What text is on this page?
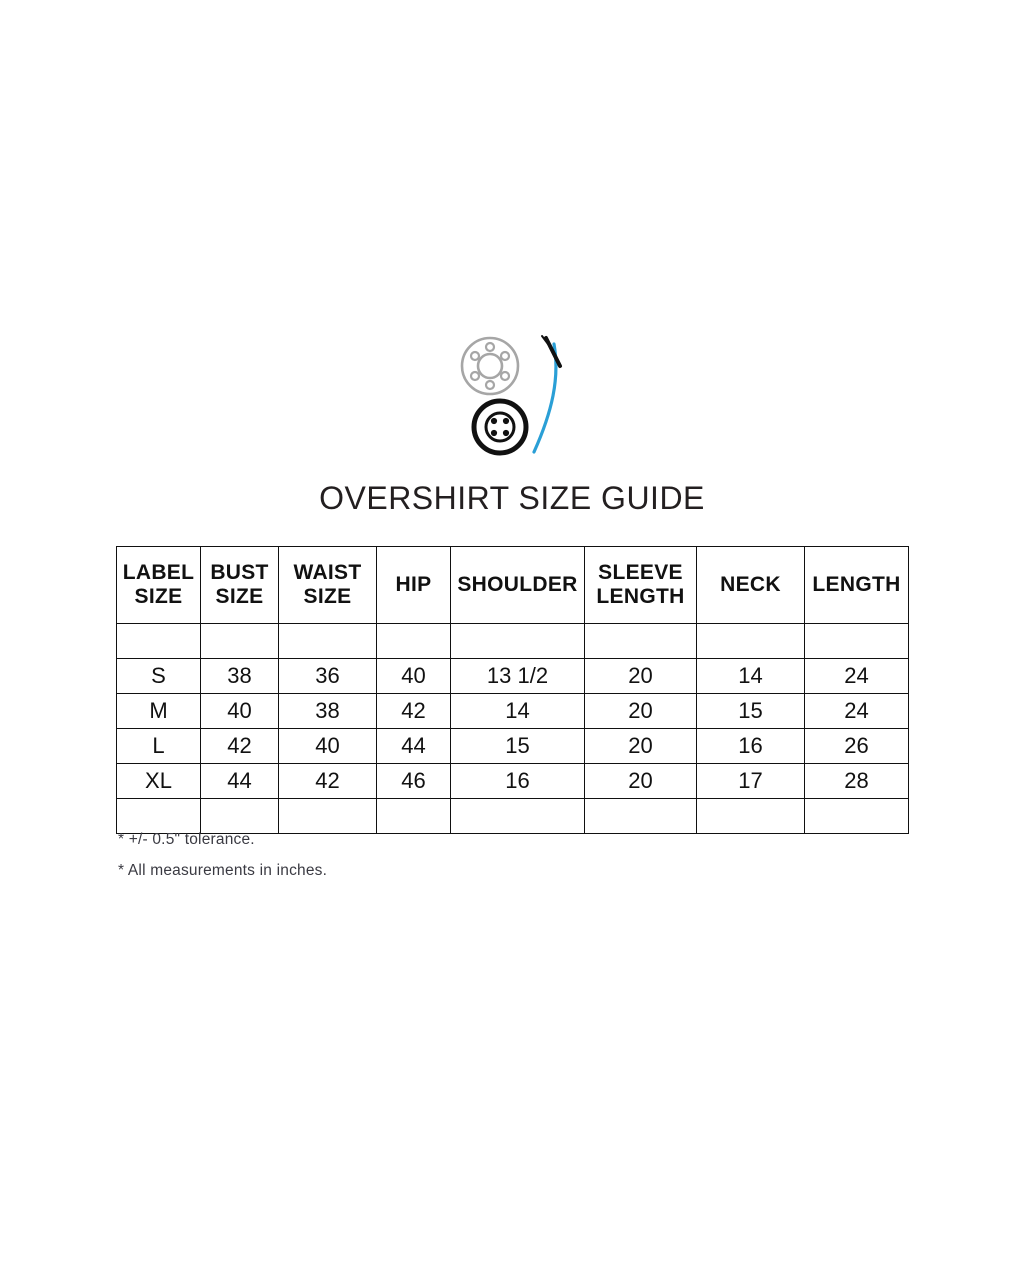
OVERSHIRT SIZE GUIDE
LABEL SIZE	BUST SIZE	WAIST SIZE	HIP	SHOULDER	SLEEVE LENGTH	NECK	LENGTH

S	38	36	40	13 1/2	20	14	24
M	40	38	42	14	20	15	24
L	42	40	44	15	20	16	26
XL	44	42	46	16	20	17	28

* +/- 0.5" tolerance.
* All measurements in inches.
